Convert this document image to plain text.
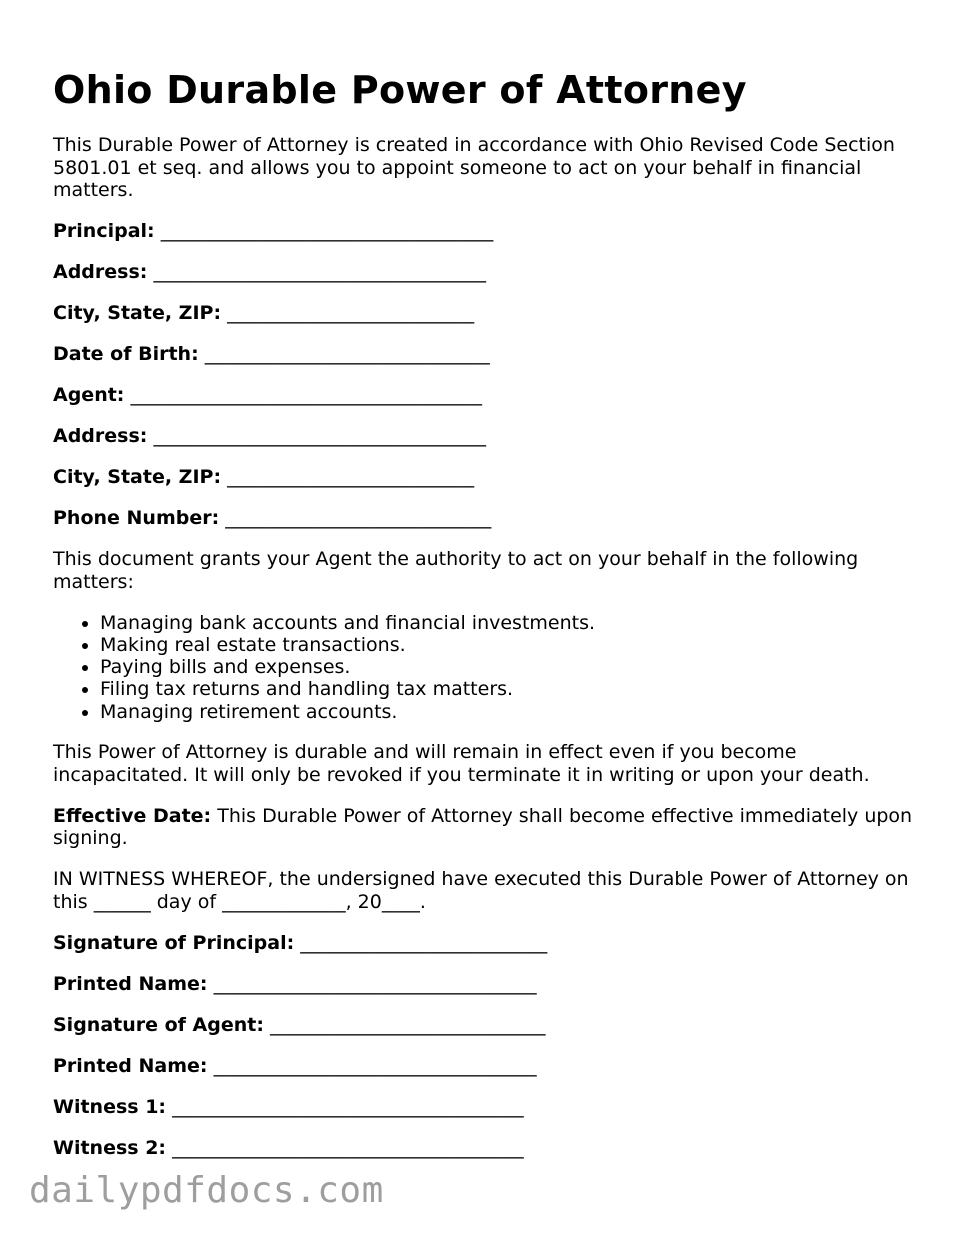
Ohio Durable Power of Attorney

This Durable Power of Attorney is created in accordance with Ohio Revised Code Section 5801.01 et seq. and allows you to appoint someone to act on your behalf in financial matters.

Principal: ___________________________________
Address: ___________________________________
City, State, ZIP: __________________________
Date of Birth: ______________________________
Agent: _____________________________________
Address: ___________________________________
City, State, ZIP: __________________________
Phone Number: ____________________________

This document grants your Agent the authority to act on your behalf in the following matters:

• Managing bank accounts and financial investments.
• Making real estate transactions.
• Paying bills and expenses.
• Filing tax returns and handling tax matters.
• Managing retirement accounts.

This Power of Attorney is durable and will remain in effect even if you become incapacitated. It will only be revoked if you terminate it in writing or upon your death.

Effective Date: This Durable Power of Attorney shall become effective immediately upon signing.

IN WITNESS WHEREOF, the undersigned have executed this Durable Power of Attorney on this ______ day of _____________, 20____.

Signature of Principal: __________________________
Printed Name: __________________________________
Signature of Agent: _____________________________
Printed Name: __________________________________
Witness 1: _____________________________________
Witness 2: _____________________________________
dailypdfdocs.com
